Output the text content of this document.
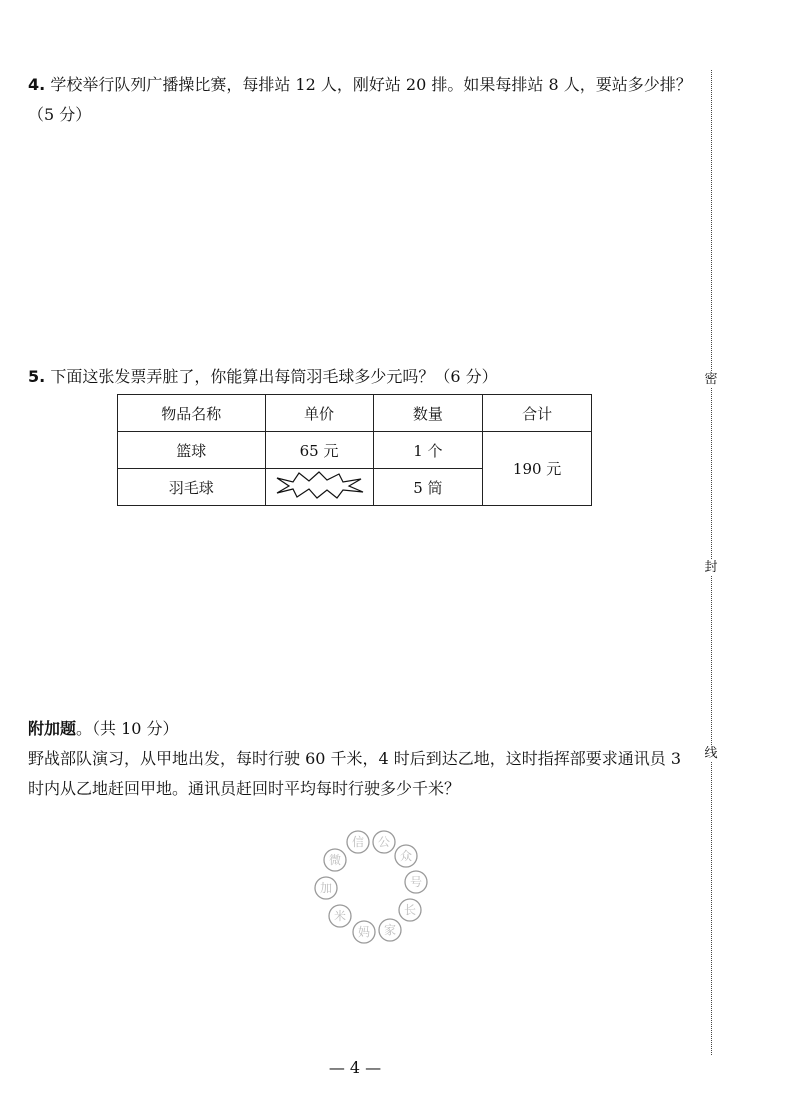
4. 学校举行队列广播操比赛，每排站 12 人，刚好站 20 排。如果每排站 8 人，要站多少排？（5 分）

5. 下面这张发票弄脏了，你能算出每筒羽毛球多少元吗？（6 分）

物品名称	单价	数量	合计
篮球	65 元	1 个	190 元
羽毛球		5 筒	

附加题。（共 10 分）

野战部队演习，从甲地出发，每时行驶 60 千米，4 时后到达乙地，这时指挥部要求通讯员 3 时内从乙地赶回甲地。通讯员赶回时平均每时行驶多少千米？

微
信 公
众
号
加
米
妈 家
长
密
封
线
— 4 —
